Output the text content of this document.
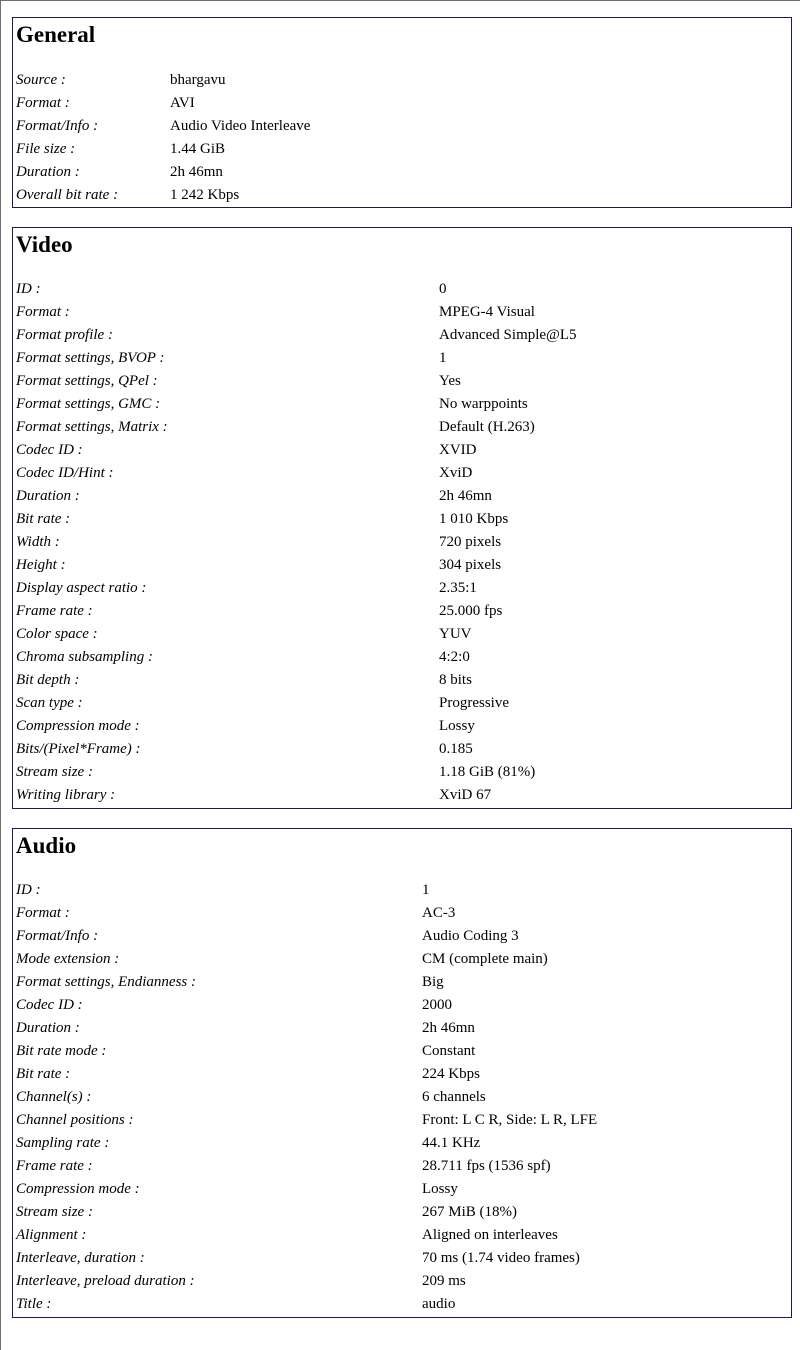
General
Source :	bhargavu
Format :	AVI
Format/Info :	Audio Video Interleave
File size :	1.44 GiB
Duration :	2h 46mn
Overall bit rate :	1 242 Kbps
Video
ID :	0
Format :	MPEG-4 Visual
Format profile :	Advanced Simple@L5
Format settings, BVOP :	1
Format settings, QPel :	Yes
Format settings, GMC :	No warppoints
Format settings, Matrix :	Default (H.263)
Codec ID :	XVID
Codec ID/Hint :	XviD
Duration :	2h 46mn
Bit rate :	1 010 Kbps
Width :	720 pixels
Height :	304 pixels
Display aspect ratio :	2.35:1
Frame rate :	25.000 fps
Color space :	YUV
Chroma subsampling :	4:2:0
Bit depth :	8 bits
Scan type :	Progressive
Compression mode :	Lossy
Bits/(Pixel*Frame) :	0.185
Stream size :	1.18 GiB (81%)
Writing library :	XviD 67
Audio
ID :	1
Format :	AC-3
Format/Info :	Audio Coding 3
Mode extension :	CM (complete main)
Format settings, Endianness :	Big
Codec ID :	2000
Duration :	2h 46mn
Bit rate mode :	Constant
Bit rate :	224 Kbps
Channel(s) :	6 channels
Channel positions :	Front: L C R, Side: L R, LFE
Sampling rate :	44.1 KHz
Frame rate :	28.711 fps (1536 spf)
Compression mode :	Lossy
Stream size :	267 MiB (18%)
Alignment :	Aligned on interleaves
Interleave, duration :	70 ms (1.74 video frames)
Interleave, preload duration :	209 ms
Title :	audio
